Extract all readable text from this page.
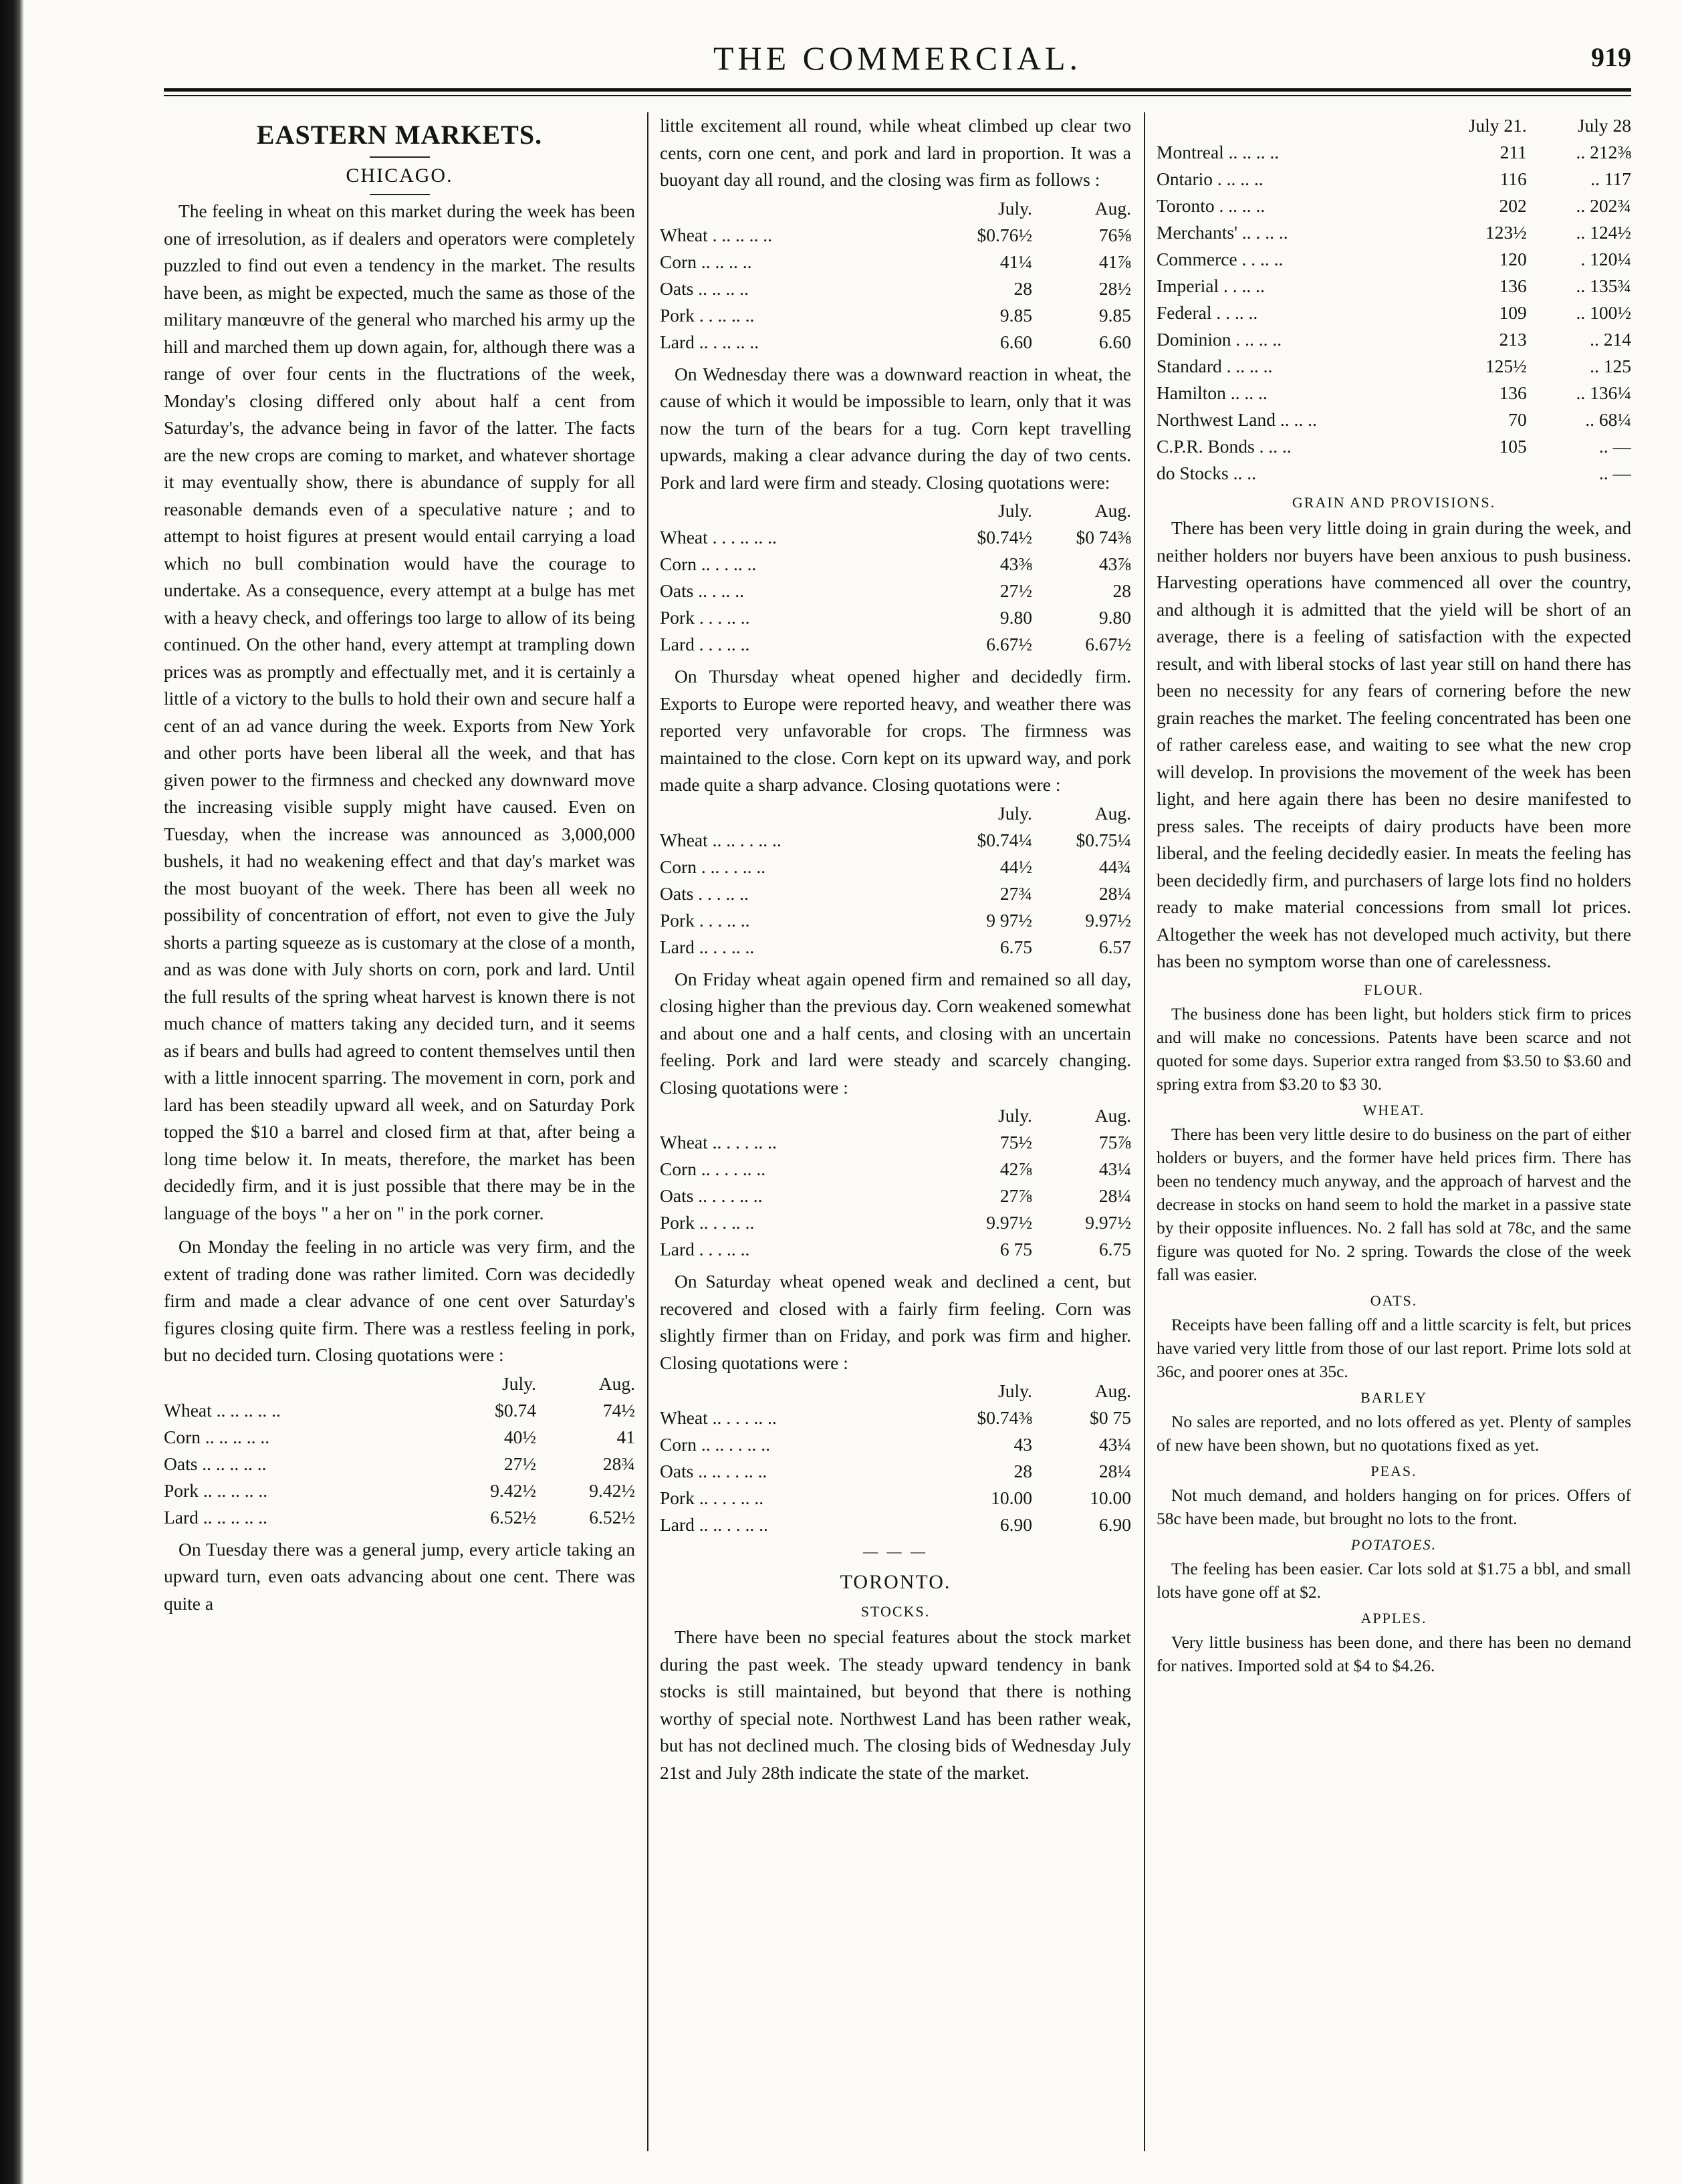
THE COMMERCIAL.	919
EASTERN MARKETS.
CHICAGO.

The feeling in wheat on this market during the week has been one of irresolution, as if dealers and operators were completely puzzled to find out even a tendency in the market. The results have been, as might be expected, much the same as those of the military manœuvre of the general who marched his army up the hill and marched them up down again, for, although there was a range of over four cents in the fluctrations of the week, Monday's closing differed only about half a cent from Saturday's, the advance being in favor of the latter. The facts are the new crops are coming to market, and whatever shortage it may eventually show, there is abundance of supply for all reasonable demands even of a speculative nature ; and to attempt to hoist figures at present would entail carrying a load which no bull combination would have the courage to undertake. As a consequence, every attempt at a bulge has met with a heavy check, and offerings too large to allow of its being continued. On the other hand, every attempt at trampling down prices was as promptly and effectually met, and it is certainly a little of a victory to the bulls to hold their own and secure half a cent of an ad vance during the week. Exports from New York and other ports have been liberal all the week, and that has given power to the firmness and checked any downward move the increasing visible supply might have caused. Even on Tuesday, when the increase was announced as 3,000,000 bushels, it had no weakening effect and that day's market was the most buoyant of the week. There has been all week no possibility of concentration of effort, not even to give the July shorts a parting squeeze as is customary at the close of a month, and as was done with July shorts on corn, pork and lard. Until the full results of the spring wheat harvest is known there is not much chance of matters taking any decided turn, and it seems as if bears and bulls had agreed to content themselves until then with a little innocent sparring. The movement in corn, pork and lard has been steadily upward all week, and on Saturday Pork topped the $10 a barrel and closed firm at that, after being a long time below it. In meats, therefore, the market has been decidedly firm, and it is just possible that there may be in the language of the boys " a her on " in the pork corner.

On Monday the feeling in no article was very firm, and the extent of trading done was rather limited. Corn was decidedly firm and made a clear advance of one cent over Saturday's figures closing quite firm. There was a restless feeling in pork, but no decided turn. Closing quotations were :

	July.	Aug.
Wheat .. .. .. .. ..	$0.74	74½
Corn .. .. .. .. ..	40½	41
Oats .. .. .. .. ..	27½	28¾
Pork .. .. .. .. ..	9.42½	9.42½
Lard .. .. .. .. ..	6.52½	6.52½

On Tuesday there was a general jump, every article taking an upward turn, even oats advancing about one cent. There was quite a

little excitement all round, while wheat climbed up clear two cents, corn one cent, and pork and lard in proportion. It was a buoyant day all round, and the closing was firm as follows :

	July.	Aug.
Wheat . .. .. .. ..	$0.76½	76⅝
Corn .. .. .. ..	41¼	41⅞
Oats .. .. .. ..	28	28½
Pork . . .. .. ..	9.85	9.85
Lard .. . .. .. ..	6.60	6.60

On Wednesday there was a downward reaction in wheat, the cause of which it would be impossible to learn, only that it was now the turn of the bears for a tug. Corn kept travelling upwards, making a clear advance during the day of two cents. Pork and lard were firm and steady. Closing quotations were:

	July.	Aug.
Wheat . . . .. .. ..	$0.74½	$0 74⅜
Corn .. . . .. ..	43⅜	43⅞
Oats .. . .. ..	27½	28
Pork . . . .. ..	9.80	9.80
Lard . . . .. ..	6.67½	6.67½

On Thursday wheat opened higher and decidedly firm. Exports to Europe were reported heavy, and weather there was reported very unfavorable for crops. The firmness was maintained to the close. Corn kept on its upward way, and pork made quite a sharp advance. Closing quotations were :

	July.	Aug.
Wheat .. .. . . .. ..	$0.74¼	$0.75¼
Corn . .. . . .. ..	44½	44¾
Oats . . . .. ..	27¾	28¼
Pork . . . .. ..	9 97½	9.97½
Lard .. . . .. ..	6.75	6.57

On Friday wheat again opened firm and remained so all day, closing higher than the previous day. Corn weakened somewhat and about one and a half cents, and closing with an uncertain feeling. Pork and lard were steady and scarcely changing. Closing quotations were :

	July.	Aug.
Wheat .. . . . .. ..	75½	75⅞
Corn .. . . . .. ..	42⅞	43¼
Oats .. . . . .. ..	27⅞	28¼
Pork .. . . .. ..	9.97½	9.97½
Lard . . . .. ..	6 75	6.75

On Saturday wheat opened weak and declined a cent, but recovered and closed with a fairly firm feeling. Corn was slightly firmer than on Friday, and pork was firm and higher. Closing quotations were :

	July.	Aug.
Wheat .. . . . .. ..	$0.74⅜	$0 75
Corn .. .. . . .. ..	43	43¼
Oats .. .. . . .. ..	28	28¼
Pork .. . . . .. ..	10.00	10.00
Lard .. .. . . .. ..	6.90	6.90
— — —
TORONTO.
STOCKS.

There have been no special features about the stock market during the past week. The steady upward tendency in bank stocks is still maintained, but beyond that there is nothing worthy of special note. Northwest Land has been rather weak, but has not declined much. The closing bids of Wednesday July 21st and July 28th indicate the state of the market.

	July 21.	July 28
Montreal .. .. .. ..	211	.. 212⅜
Ontario . .. .. ..	116	.. 117
Toronto . .. .. ..	202	.. 202¾
Merchants' .. . .. ..	123½	.. 124½
Commerce . . .. ..	120	. 120¼
Imperial . . .. ..	136	.. 135¾
Federal . . .. ..	109	.. 100½
Dominion . .. .. ..	213	.. 214
Standard . .. .. ..	125½	.. 125
Hamilton .. .. ..	136	.. 136¼
Northwest Land .. .. ..	70	.. 68¼
C.P.R. Bonds . .. ..	105	.. —
do Stocks .. ..		.. —
GRAIN AND PROVISIONS.

There has been very little doing in grain during the week, and neither holders nor buyers have been anxious to push business. Harvesting operations have commenced all over the country, and although it is admitted that the yield will be short of an average, there is a feeling of satisfaction with the expected result, and with liberal stocks of last year still on hand there has been no necessity for any fears of cornering before the new grain reaches the market. The feeling concentrated has been one of rather careless ease, and waiting to see what the new crop will develop. In provisions the movement of the week has been light, and here again there has been no desire manifested to press sales. The receipts of dairy products have been more liberal, and the feeling decidedly easier. In meats the feeling has been decidedly firm, and purchasers of large lots find no holders ready to make material concessions from small lot prices. Altogether the week has not developed much activity, but there has been no symptom worse than one of carelessness.

FLOUR.

The business done has been light, but holders stick firm to prices and will make no concessions. Patents have been scarce and not quoted for some days. Superior extra ranged from $3.50 to $3.60 and spring extra from $3.20 to $3 30.

WHEAT.

There has been very little desire to do business on the part of either holders or buyers, and the former have held prices firm. There has been no tendency much anyway, and the approach of harvest and the decrease in stocks on hand seem to hold the market in a passive state by their opposite influences. No. 2 fall has sold at 78c, and the same figure was quoted for No. 2 spring. Towards the close of the week fall was easier.

OATS.

Receipts have been falling off and a little scarcity is felt, but prices have varied very little from those of our last report. Prime lots sold at 36c, and poorer ones at 35c.

BARLEY

No sales are reported, and no lots offered as yet. Plenty of samples of new have been shown, but no quotations fixed as yet.

PEAS.

Not much demand, and holders hanging on for prices. Offers of 58c have been made, but brought no lots to the front.

POTATOES.

The feeling has been easier. Car lots sold at $1.75 a bbl, and small lots have gone off at $2.

APPLES.

Very little business has been done, and there has been no demand for natives. Imported sold at $4 to $4.26.
